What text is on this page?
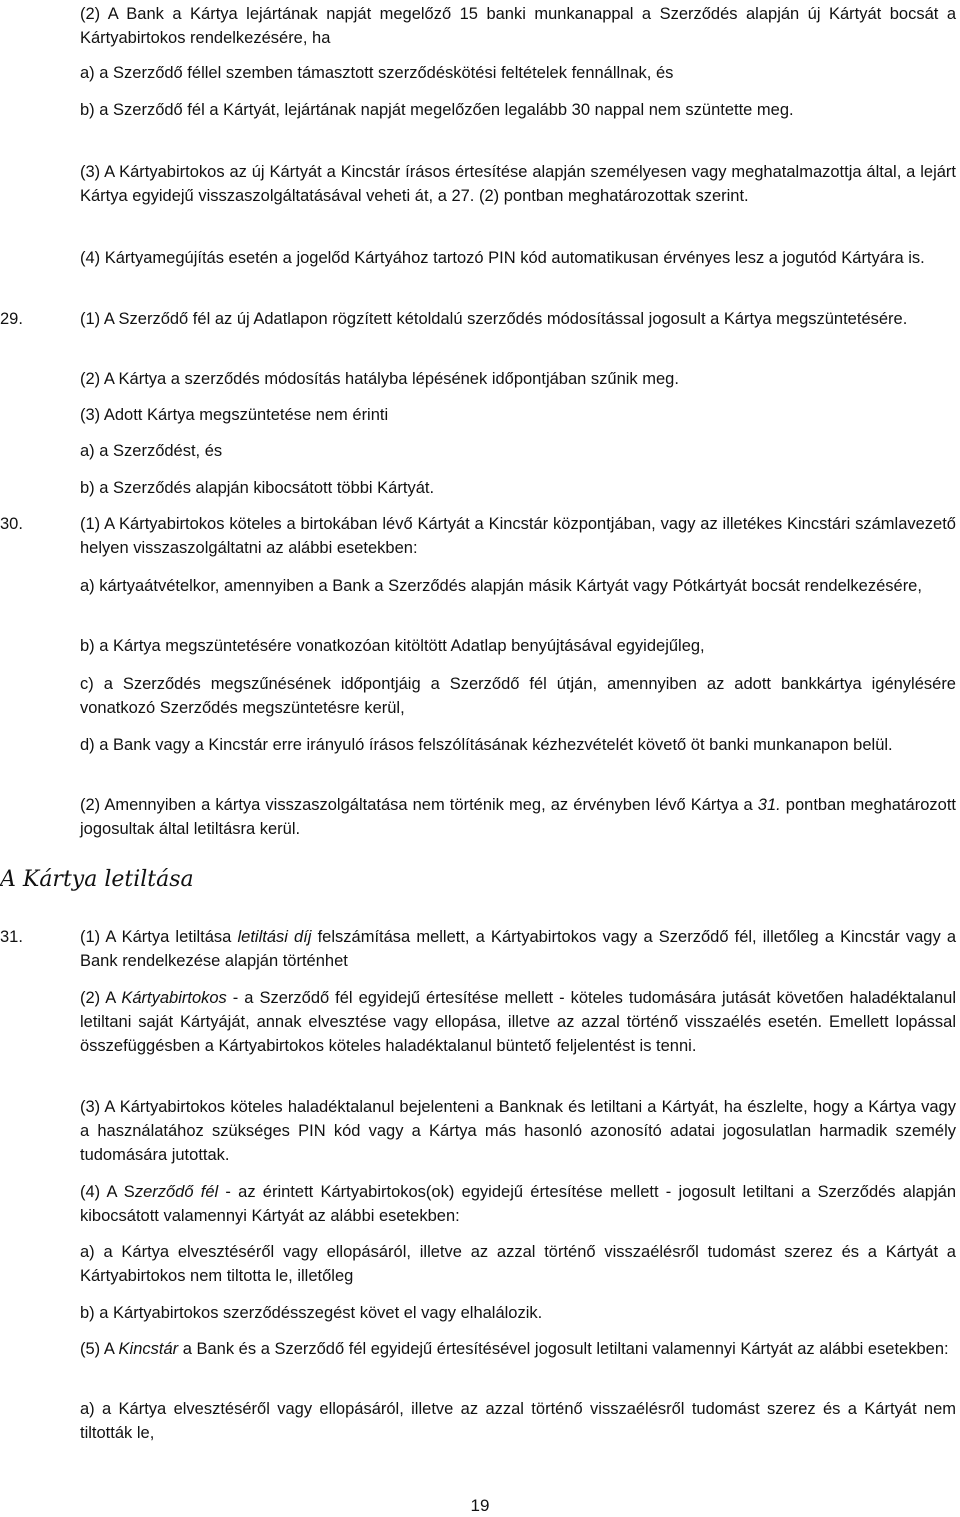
(2) A Bank a Kártya lejártának napját megelőző 15 banki munkanappal a Szerződés alapján új Kártyát bocsát a Kártyabirtokos rendelkezésére, ha

a) a Szerződő féllel szemben támasztott szerződéskötési feltételek fennállnak, és

b) a Szerződő fél a Kártyát, lejártának napját megelőzően legalább 30 nappal nem szüntette meg.

(3) A Kártyabirtokos az új Kártyát a Kincstár írásos értesítése alapján személyesen vagy meghatalmazottja által, a lejárt Kártya egyidejű visszaszolgáltatásával veheti át, a 27. (2) pontban meghatározottak szerint.

(4) Kártyamegújítás esetén a jogelőd Kártyához tartozó PIN kód automatikusan érvényes lesz a jogutód Kártyára is.

29.	(1) A Szerződő fél az új Adatlapon rögzített kétoldalú szerződés módosítással jogosult a Kártya megszüntetésére.

(2) A Kártya a szerződés módosítás hatályba lépésének időpontjában szűnik meg.

(3) Adott Kártya megszüntetése nem érinti

a) a Szerződést, és

b) a Szerződés alapján kibocsátott többi Kártyát.

30.	(1) A Kártyabirtokos köteles a birtokában lévő Kártyát a Kincstár központjában, vagy az illetékes Kincstári számlavezető helyen visszaszolgáltatni az alábbi esetekben:

a) kártyaátvételkor, amennyiben a Bank a Szerződés alapján másik Kártyát vagy Pótkártyát bocsát rendelkezésére,

b) a Kártya megszüntetésére vonatkozóan kitöltött Adatlap benyújtásával egyidejűleg,

c) a Szerződés megszűnésének időpontjáig a Szerződő fél útján, amennyiben az adott bankkártya igénylésére vonatkozó Szerződés megszüntetésre kerül,

d) a Bank vagy a Kincstár erre irányuló írásos felszólításának kézhezvételét követő öt banki munkanapon belül.

(2) Amennyiben a kártya visszaszolgáltatása nem történik meg, az érvényben lévő Kártya a 31. pontban meghatározott jogosultak által letiltásra kerül.

A Kártya letiltása
31.	(1) A Kártya letiltása letiltási díj felszámítása mellett, a Kártyabirtokos vagy a Szerződő fél, illetőleg a Kincstár vagy a Bank rendelkezése alapján történhet

(2) A Kártyabirtokos - a Szerződő fél egyidejű értesítése mellett - köteles tudomására jutását követően haladéktalanul letiltani saját Kártyáját, annak elvesztése vagy ellopása, illetve az azzal történő visszaélés esetén. Emellett lopással összefüggésben a Kártyabirtokos köteles haladéktalanul büntető feljelentést is tenni.

(3) A Kártyabirtokos köteles haladéktalanul bejelenteni a Banknak és letiltani a Kártyát, ha észlelte, hogy a Kártya vagy a használatához szükséges PIN kód vagy a Kártya más hasonló azonosító adatai jogosulatlan harmadik személy tudomására jutottak.

(4) A Szerződő fél - az érintett Kártyabirtokos(ok) egyidejű értesítése mellett - jogosult letiltani a Szerződés alapján kibocsátott valamennyi Kártyát az alábbi esetekben:

a) a Kártya elvesztéséről vagy ellopásáról, illetve az azzal történő visszaélésről tudomást szerez és a Kártyát a Kártyabirtokos nem tiltotta le, illetőleg

b) a Kártyabirtokos szerződésszegést követ el vagy elhalálozik.

(5) A Kincstár a Bank és a Szerződő fél egyidejű értesítésével jogosult letiltani valamennyi Kártyát az alábbi esetekben:

a) a Kártya elvesztéséről vagy ellopásáról, illetve az azzal történő visszaélésről tudomást szerez és a Kártyát nem tiltották le,

19
